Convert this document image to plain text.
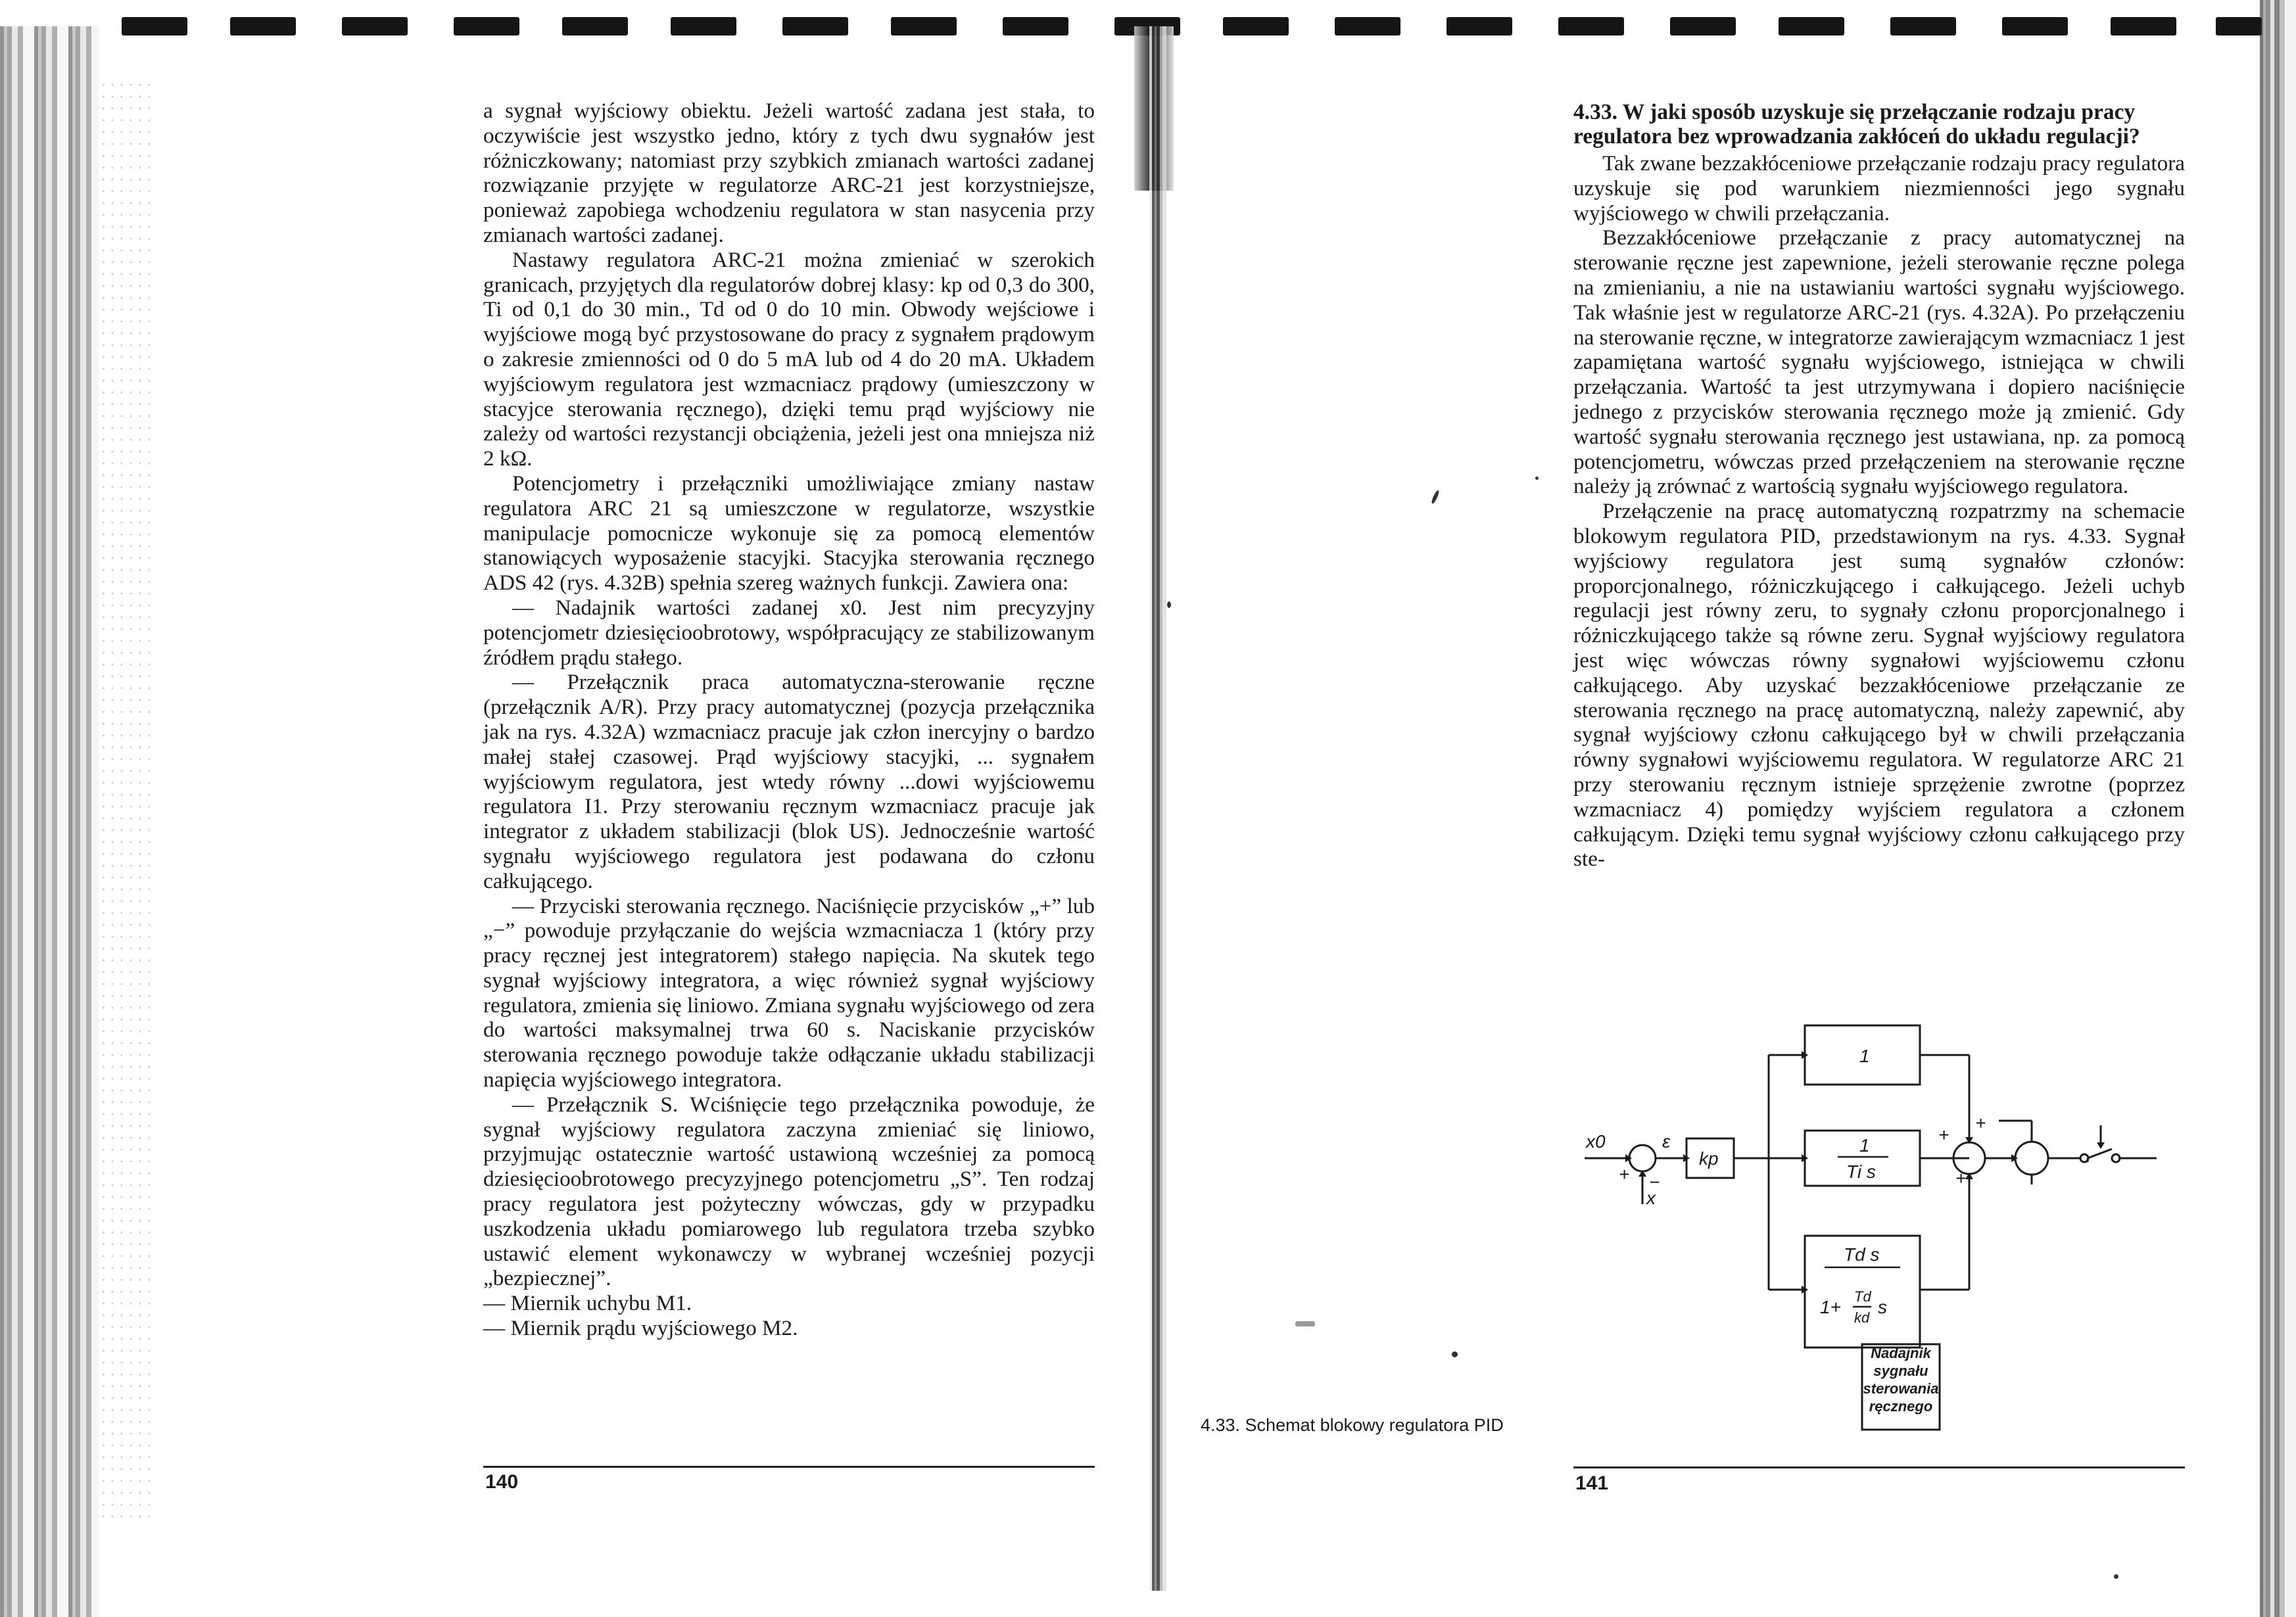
a sygnał wyjściowy obiektu. Jeżeli wartość zadana jest stała, to oczywiście jest wszystko jedno, który z tych dwu sygnałów jest różniczkowany; natomiast przy szybkich zmianach wartości zadanej rozwiązanie przyjęte w regulatorze ARC-21 jest korzystniejsze, ponieważ zapobiega wchodzeniu regulatora w stan nasycenia przy zmianach wartości zadanej.

Nastawy regulatora ARC-21 można zmieniać w szerokich granicach, przyjętych dla regulatorów dobrej klasy: kp od 0,3 do 300, Ti od 0,1 do 30 min., Td od 0 do 10 min. Obwody wejściowe i wyjściowe mogą być przystosowane do pracy z sygnałem prądowym o zakresie zmienności od 0 do 5 mA lub od 4 do 20 mA. Układem wyjściowym regulatora jest wzmacniacz prądowy (umieszczony w stacyjce sterowania ręcznego), dzięki temu prąd wyjściowy nie zależy od wartości rezystancji obciążenia, jeżeli jest ona mniejsza niż 2 kΩ.

Potencjometry i przełączniki umożliwiające zmiany nastaw regulatora ARC 21 są umieszczone w regulatorze, wszystkie manipulacje pomocnicze wykonuje się za pomocą elementów stanowiących wyposażenie stacyjki. Stacyjka sterowania ręcznego ADS 42 (rys. 4.32B) spełnia szereg ważnych funkcji. Zawiera ona:

— Nadajnik wartości zadanej x0. Jest nim precyzyjny potencjometr dziesięcioobrotowy, współpracujący ze stabilizowanym źródłem prądu stałego.

— Przełącznik praca automatyczna-sterowanie ręczne (przełącznik A/R). Przy pracy automatycznej (pozycja przełącznika jak na rys. 4.32A) wzmacniacz pracuje jak człon inercyjny o bardzo małej stałej czasowej. Prąd wyjściowy stacyjki, ... sygnałem wyjściowym regulatora, jest wtedy równy ...dowi wyjściowemu regulatora I1. Przy sterowaniu ręcznym wzmacniacz pracuje jak integrator z układem stabilizacji (blok US). Jednocześnie wartość sygnału wyjściowego regulatora jest podawana do członu całkującego.

— Przyciski sterowania ręcznego. Naciśnięcie przycisków „+” lub „−” powoduje przyłączanie do wejścia wzmacniacza 1 (który przy pracy ręcznej jest integratorem) stałego napięcia. Na skutek tego sygnał wyjściowy integratora, a więc również sygnał wyjściowy regulatora, zmienia się liniowo. Zmiana sygnału wyjściowego od zera do wartości maksymalnej trwa 60 s. Naciskanie przycisków sterowania ręcznego powoduje także odłączanie układu stabilizacji napięcia wyjściowego integratora.

— Przełącznik S. Wciśnięcie tego przełącznika powoduje, że sygnał wyjściowy regulatora zaczyna zmieniać się liniowo, przyjmując ostatecznie wartość ustawioną wcześniej za pomocą dziesięcioobrotowego precyzyjnego potencjometru „S”. Ten rodzaj pracy regulatora jest pożyteczny wówczas, gdy w przypadku uszkodzenia układu pomiarowego lub regulatora trzeba szybko ustawić element wykonawczy w wybranej wcześniej pozycji „bezpiecznej”.

— Miernik uchybu M1.

— Miernik prądu wyjściowego M2.

140
4.33. Schemat blokowy regulatora PID

4.33. W jaki sposób uzyskuje się przełączanie rodzaju pracy regulatora bez wprowadzania zakłóceń do układu regulacji?

Tak zwane bezzakłóceniowe przełączanie rodzaju pracy regulatora uzyskuje się pod warunkiem niezmienności jego sygnału wyjściowego w chwili przełączania.

Bezzakłóceniowe przełączanie z pracy automatycznej na sterowanie ręczne jest zapewnione, jeżeli sterowanie ręczne polega na zmienianiu, a nie na ustawianiu wartości sygnału wyjściowego. Tak właśnie jest w regulatorze ARC-21 (rys. 4.32A). Po przełączeniu na sterowanie ręczne, w integratorze zawierającym wzmacniacz 1 jest zapamiętana wartość sygnału wyjściowego, istniejąca w chwili przełączania. Wartość ta jest utrzymywana i dopiero naciśnięcie jednego z przycisków sterowania ręcznego może ją zmienić. Gdy wartość sygnału sterowania ręcznego jest ustawiana, np. za pomocą potencjometru, wówczas przed przełączeniem na sterowanie ręczne należy ją zrównać z wartością sygnału wyjściowego regulatora.

Przełączenie na pracę automatyczną rozpatrzmy na schemacie blokowym regulatora PID, przedstawionym na rys. 4.33. Sygnał wyjściowy regulatora jest sumą sygnałów członów: proporcjonalnego, różniczkującego i całkującego. Jeżeli uchyb regulacji jest równy zeru, to sygnały członu proporcjonalnego i różniczkującego także są równe zeru. Sygnał wyjściowy regulatora jest więc wówczas równy sygnałowi wyjściowemu członu całkującego. Aby uzyskać bezzakłóceniowe przełączanie ze sterowania ręcznego na pracę automatyczną, należy zapewnić, aby sygnał wyjściowy członu całkującego był w chwili przełączania równy sygnałowi wyjściowemu regulatora. W regulatorze ARC 21 przy sterowaniu ręcznym istnieje sprzężenie zwrotne (poprzez wzmacniacz 4) pomiędzy wyjściem regulatora a członem całkującym. Dzięki temu sygnał wyjściowy członu całkującego przy ste-

x0	ε
+ −
x
kp
1
1
Ti s
Td s
1+
Td
kd
s
+
+
+
Nadajnik
sygnału
sterowania
ręcznego
141
